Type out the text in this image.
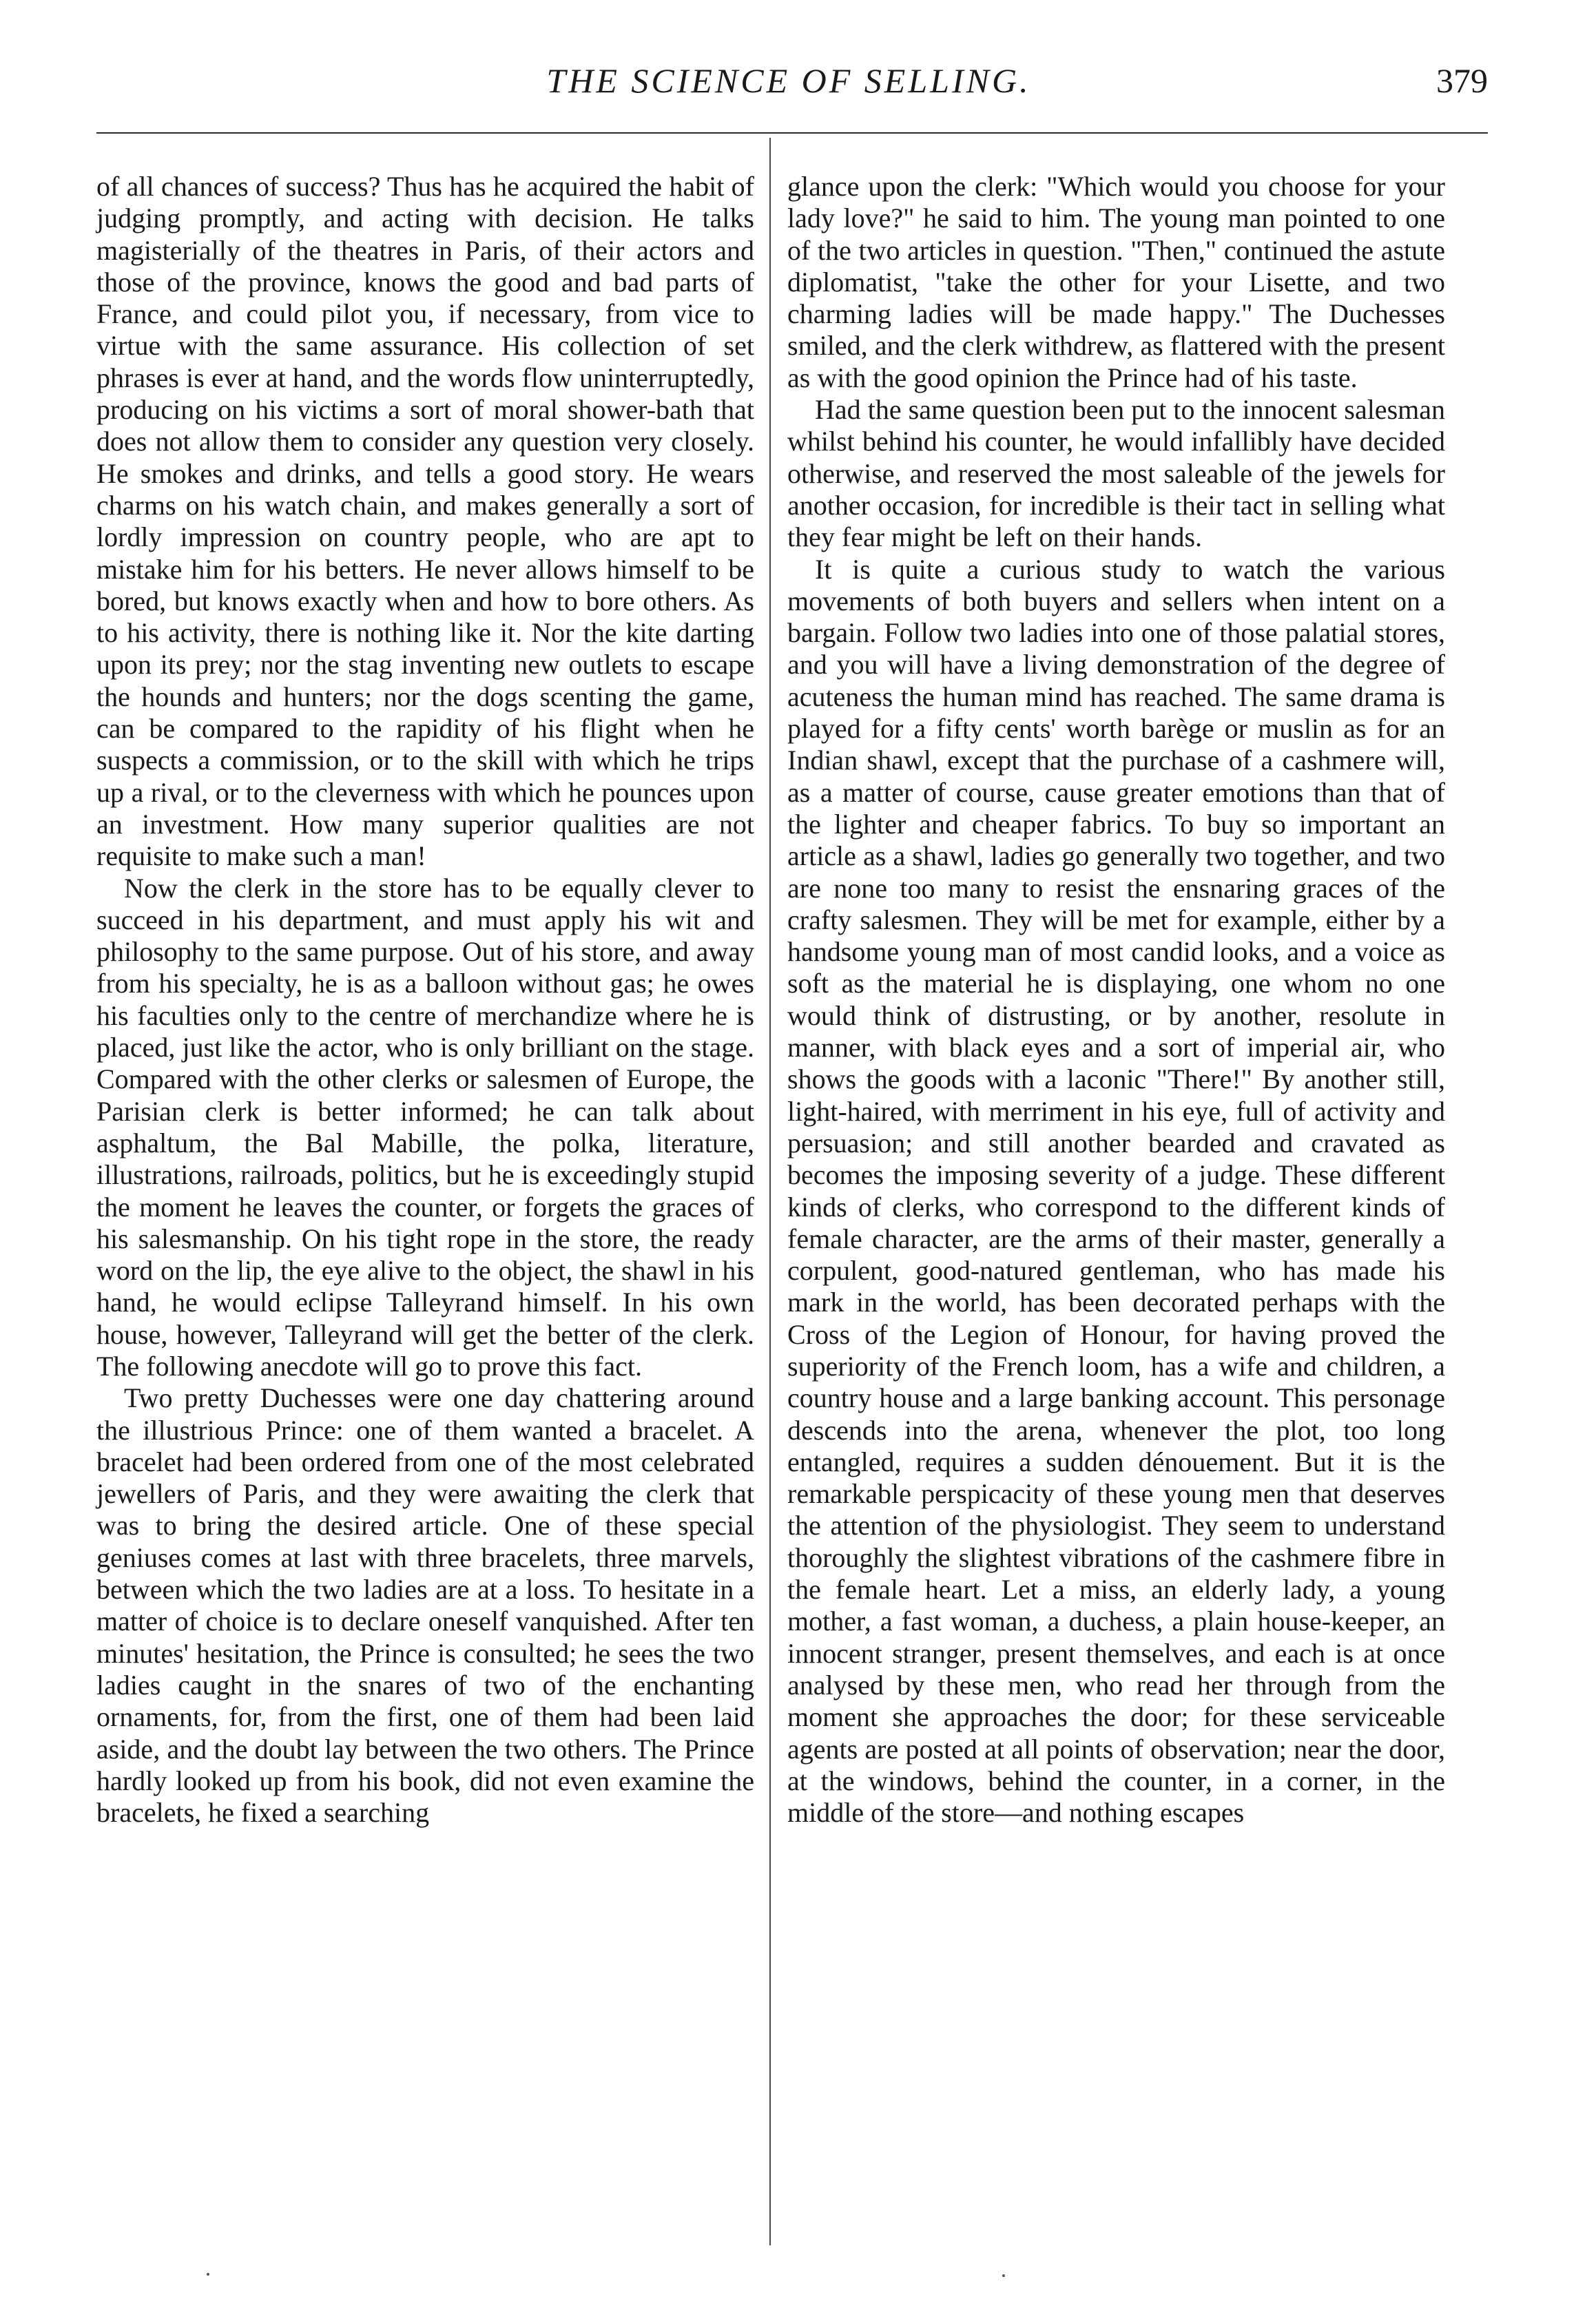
THE SCIENCE OF SELLING.	379

of all chances of success? Thus has he acquired the habit of judging promptly, and acting with decision. He talks magisterially of the theatres in Paris, of their actors and those of the province, knows the good and bad parts of France, and could pilot you, if necessary, from vice to virtue with the same assurance. His collection of set phrases is ever at hand, and the words flow uninterruptedly, producing on his victims a sort of moral shower-bath that does not allow them to consider any question very closely. He smokes and drinks, and tells a good story. He wears charms on his watch chain, and makes generally a sort of lordly impression on country people, who are apt to mistake him for his betters. He never allows himself to be bored, but knows exactly when and how to bore others. As to his activity, there is nothing like it. Nor the kite darting upon its prey; nor the stag inventing new outlets to escape the hounds and hunters; nor the dogs scenting the game, can be compared to the rapidity of his flight when he suspects a commission, or to the skill with which he trips up a rival, or to the cleverness with which he pounces upon an investment. How many superior qualities are not requisite to make such a man!

Now the clerk in the store has to be equally clever to succeed in his department, and must apply his wit and philosophy to the same purpose. Out of his store, and away from his specialty, he is as a balloon without gas; he owes his faculties only to the centre of merchandize where he is placed, just like the actor, who is only brilliant on the stage. Compared with the other clerks or salesmen of Europe, the Parisian clerk is better informed; he can talk about asphaltum, the Bal Mabille, the polka, literature, illustrations, railroads, politics, but he is exceedingly stupid the moment he leaves the counter, or forgets the graces of his salesmanship. On his tight rope in the store, the ready word on the lip, the eye alive to the object, the shawl in his hand, he would eclipse Talleyrand himself. In his own house, however, Talleyrand will get the better of the clerk. The following anecdote will go to prove this fact.

Two pretty Duchesses were one day chattering around the illustrious Prince: one of them wanted a bracelet. A bracelet had been ordered from one of the most celebrated jewellers of Paris, and they were awaiting the clerk that was to bring the desired article. One of these special geniuses comes at last with three bracelets, three marvels, between which the two ladies are at a loss. To hesitate in a matter of choice is to declare oneself vanquished. After ten minutes' hesitation, the Prince is consulted; he sees the two ladies caught in the snares of two of the enchanting ornaments, for, from the first, one of them had been laid aside, and the doubt lay between the two others. The Prince hardly looked up from his book, did not even examine the bracelets, he fixed a searching

glance upon the clerk: "Which would you choose for your lady love?" he said to him. The young man pointed to one of the two articles in question. "Then," continued the astute diplomatist, "take the other for your Lisette, and two charming ladies will be made happy." The Duchesses smiled, and the clerk withdrew, as flattered with the present as with the good opinion the Prince had of his taste.

Had the same question been put to the innocent salesman whilst behind his counter, he would infallibly have decided otherwise, and reserved the most saleable of the jewels for another occasion, for incredible is their tact in selling what they fear might be left on their hands.

It is quite a curious study to watch the various movements of both buyers and sellers when intent on a bargain. Follow two ladies into one of those palatial stores, and you will have a living demonstration of the degree of acuteness the human mind has reached. The same drama is played for a fifty cents' worth barège or muslin as for an Indian shawl, except that the purchase of a cashmere will, as a matter of course, cause greater emotions than that of the lighter and cheaper fabrics. To buy so important an article as a shawl, ladies go generally two together, and two are none too many to resist the ensnaring graces of the crafty salesmen. They will be met for example, either by a handsome young man of most candid looks, and a voice as soft as the material he is displaying, one whom no one would think of distrusting, or by another, resolute in manner, with black eyes and a sort of imperial air, who shows the goods with a laconic "There!" By another still, light-haired, with merriment in his eye, full of activity and persuasion; and still another bearded and cravated as becomes the imposing severity of a judge. These different kinds of clerks, who correspond to the different kinds of female character, are the arms of their master, generally a corpulent, good-natured gentleman, who has made his mark in the world, has been decorated perhaps with the Cross of the Legion of Honour, for having proved the superiority of the French loom, has a wife and children, a country house and a large banking account. This personage descends into the arena, whenever the plot, too long entangled, requires a sudden dénouement. But it is the remarkable perspicacity of these young men that deserves the attention of the physiologist. They seem to understand thoroughly the slightest vibrations of the cashmere fibre in the female heart. Let a miss, an elderly lady, a young mother, a fast woman, a duchess, a plain house-keeper, an innocent stranger, present themselves, and each is at once analysed by these men, who read her through from the moment she approaches the door; for these serviceable agents are posted at all points of observation; near the door, at the windows, behind the counter, in a corner, in the middle of the store—and nothing escapes
